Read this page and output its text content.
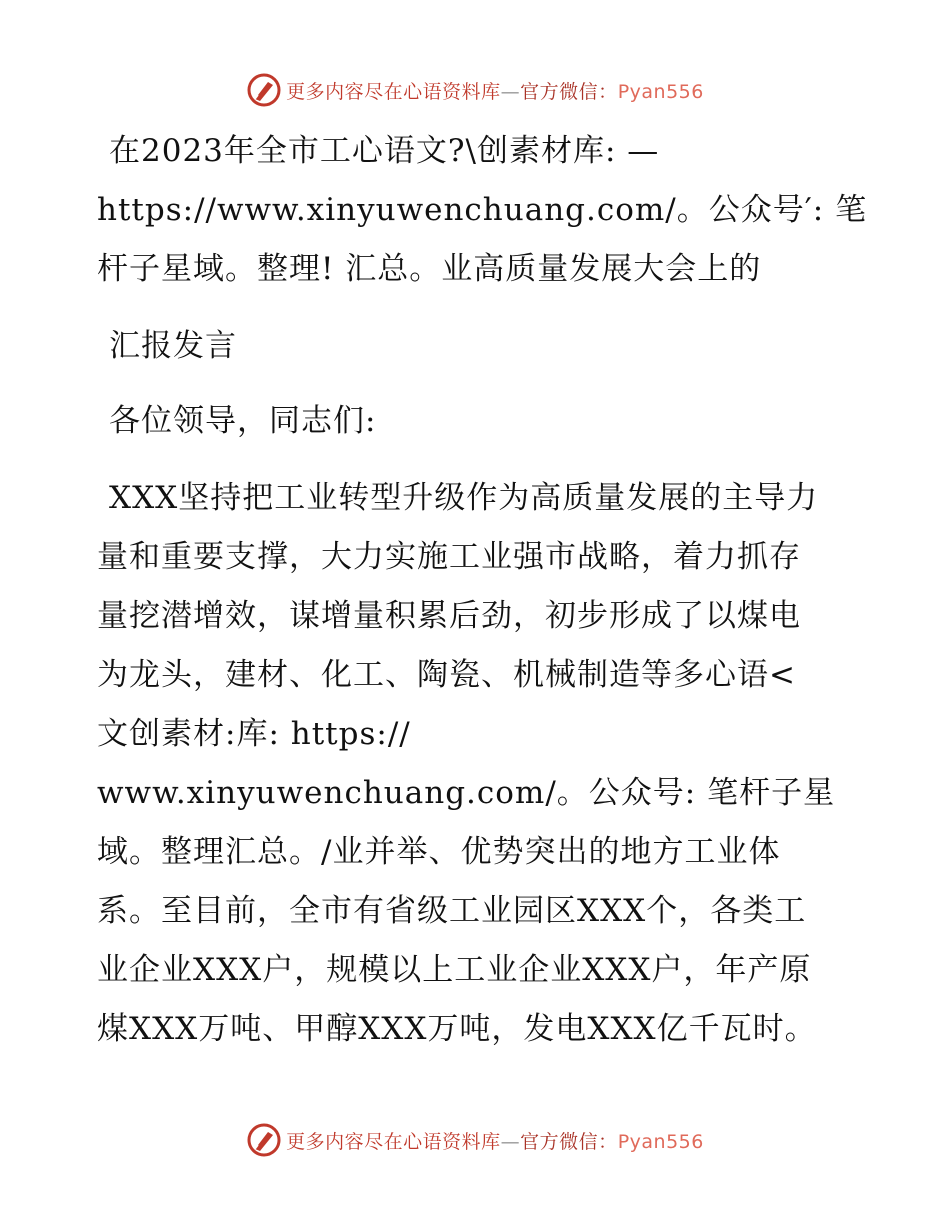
更多内容尽在心语资料库—官方微信：Pyan556
在2023年全市工心语文?\创素材库: —
https://www.xinyuwenchuang.com/。公众号′: 笔
杆子星域。整理! 汇总。业高质量发展大会上的
汇报发言
各位领导，同志们:
XXX坚持把工业转型升级作为高质量发展的主导力
量和重要支撑，大力实施工业强市战略，着力抓存
量挖潜增效，谋增量积累后劲，初步形成了以煤电
为龙头，建材、化工、陶瓷、机械制造等多心语<
文创素材:库: https://
www.xinyuwenchuang.com/。公众号: 笔杆子星
域。整理汇总。/业并举、优势突出的地方工业体
系。至目前，全市有省级工业园区XXX个，各类工
业企业XXX户，规模以上工业企业XXX户，年产原
煤XXX万吨、甲醇XXX万吨，发电XXX亿千瓦时。
更多内容尽在心语资料库—官方微信：Pyan556
